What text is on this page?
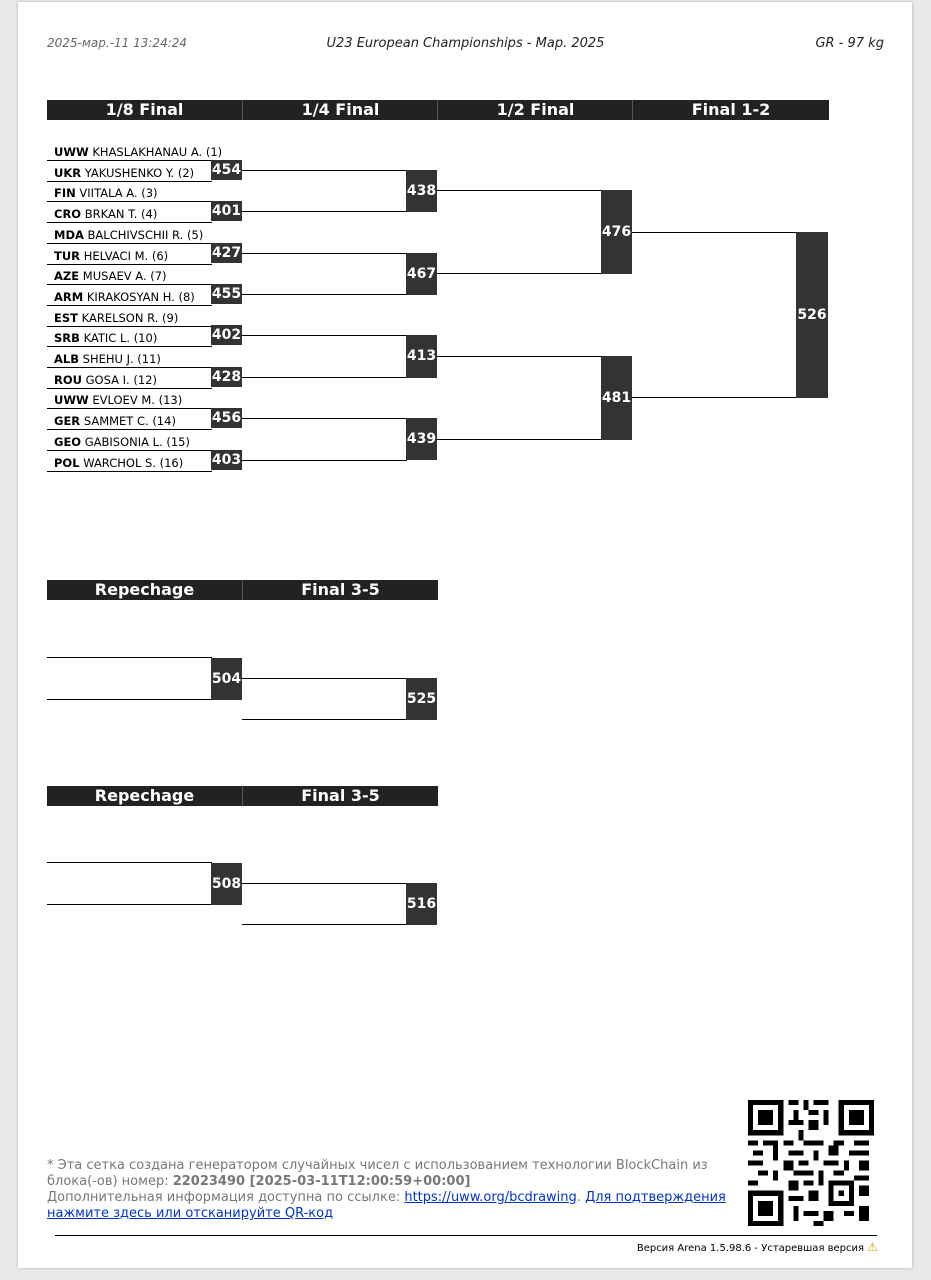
2025-мар.-11 13:24:24	U23 European Championships - Мар. 2025	GR - 97 kg
1/8 Final	1/4 Final	1/2 Final	Final 1-2
UWW KHASLAKHANAU A. (1)
UKR YAKUSHENKO Y. (2)
FIN VIITALA A. (3)
CRO BRKAN T. (4)
MDA BALCHIVSCHII R. (5)
TUR HELVACI M. (6)
AZE MUSAEV A. (7)
ARM KIRAKOSYAN H. (8)
EST KARELSON R. (9)
SRB KATIC L. (10)
ALB SHEHU J. (11)
ROU GOSA I. (12)
UWW EVLOEV M. (13)
GER SAMMET C. (14)
GEO GABISONIA L. (15)
POL WARCHOL S. (16)
454
401
427
455
402
428
456
403
438
467
413
439
476
481
526
Repechage	Final 3-5
504
525
Repechage	Final 3-5
508
516
* Эта сетка создана генератором случайных чисел с использованием технологии BlockChain из блока(-ов) номер: 22023490 [2025-03-11T12:00:59+00:00]
Дополнительная информация доступна по ссылке: https://uww.org/bcdrawing. Для подтверждения нажмите здесь или отсканируйте QR-код
Версия Arena 1.5.98.6 - Устаревшая версия ⚠
